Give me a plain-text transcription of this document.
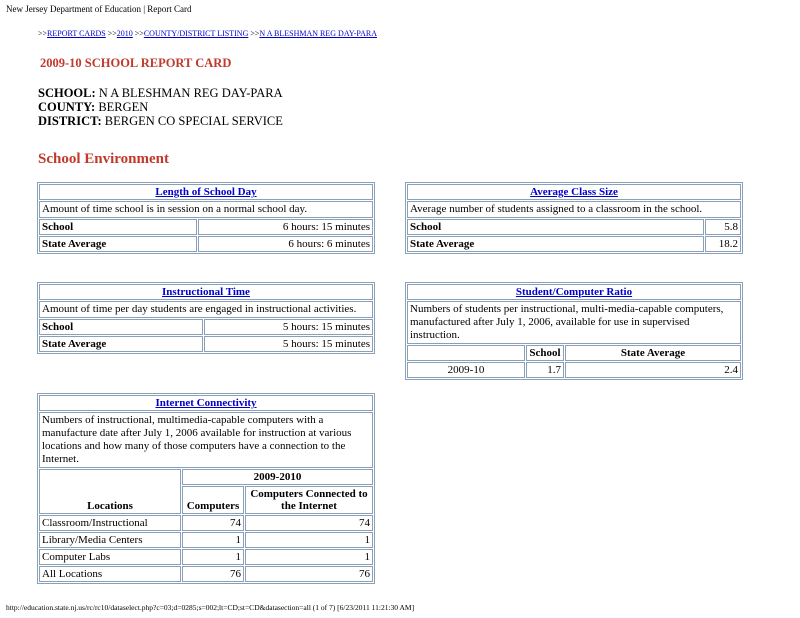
New Jersey Department of Education | Report Card
>>REPORT CARDS >>2010 >>COUNTY/DISTRICT LISTING >>N A BLESHMAN REG DAY-PARA
2009-10 SCHOOL REPORT CARD
SCHOOL: N A BLESHMAN REG DAY-PARA
COUNTY: BERGEN
DISTRICT: BERGEN CO SPECIAL SERVICE
School Environment
Length of School Day	
Amount of time school is in session on a normal school day.	
School	6 hours: 15 minutes
State Average	6 hours: 6 minutes
Average Class Size	
Average number of students assigned to a classroom in the school.	
School	5.8
State Average	18.2
Instructional Time	
Amount of time per day students are engaged in instructional activities.	
School	5 hours: 15 minutes
State Average	5 hours: 15 minutes
Student/Computer Ratio		
Numbers of students per instructional, multi-media-capable computers, manufactured after July 1, 2006, available for use in supervised instruction.		
	School	State Average
2009-10	1.7	2.4
Internet Connectivity		
Numbers of instructional, multimedia-capable computers with a manufacture date after July 1, 2006 available for instruction at various locations and how many of those computers have a connection to the Internet.		
Locations	2009-2010	
	Computers	Computers Connected to the Internet
Classroom/Instructional	74	74
Library/Media Centers	1	1
Computer Labs	1	1
All Locations	76	76
http://education.state.nj.us/rc/rc10/dataselect.php?c=03;d=0285;s=002;lt=CD;st=CD&datasection=all (1 of 7) [6/23/2011 11:21:30 AM]
